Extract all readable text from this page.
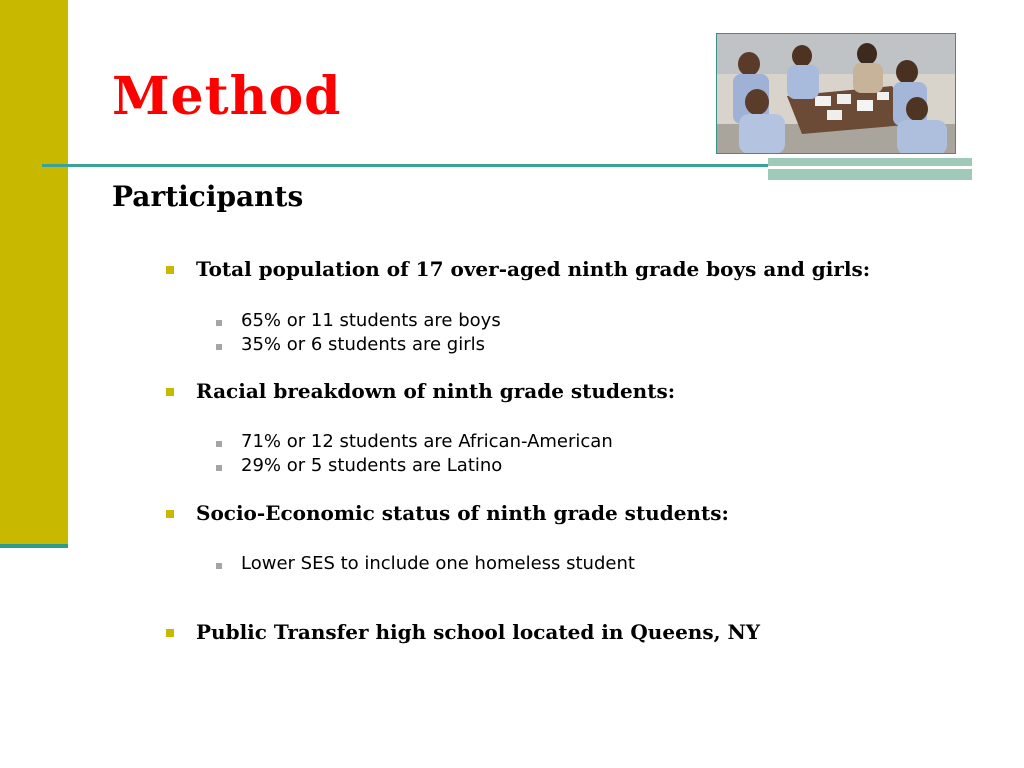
Method
Participants

Total population of 17 over-aged ninth grade boys and girls:

65% or 11 students are boys

35% or 6 students are girls

Racial breakdown of ninth grade students:

71% or 12 students are African-American

29% or 5 students are Latino

Socio-Economic status of ninth grade students:

Lower SES to include one homeless student

Public Transfer high school located in Queens, NY
